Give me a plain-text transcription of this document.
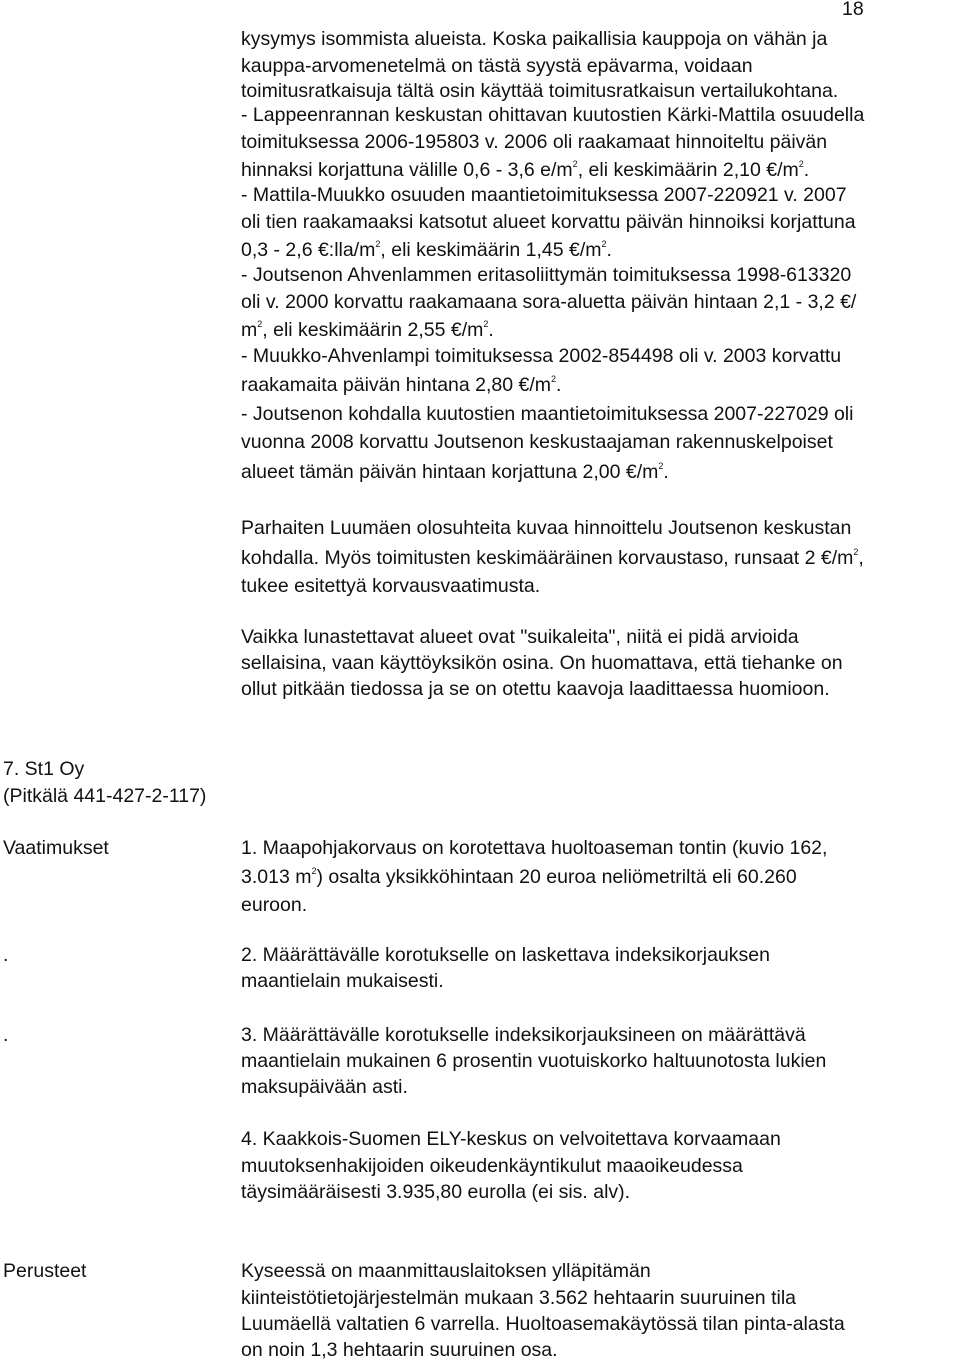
18
kysymys isommista alueista. Koska paikallisia kauppoja on vähän ja
kauppa-arvomenetelmä on tästä syystä epävarma, voidaan
toimitusratkaisuja tältä osin käyttää toimitusratkaisun vertailukohtana.
- Lappeenrannan keskustan ohittavan kuutostien Kärki-Mattila osuudella
toimituksessa 2006-195803 v. 2006 oli raakamaat hinnoiteltu päivän
hinnaksi korjattuna välille 0,6 - 3,6 $e/m^2$, eli keskimäärin 2,10 $€/m^2$.
- Mattila-Muukko osuuden maantietoimituksessa 2007-220921 v. 2007
oli tien raakamaaksi katsotut alueet korvattu päivän hinnoiksi korjattuna
0,3 - 2,6 $€:lla/m^2$, eli keskimäärin 1,45 $€/m^2$.
- Joutsenon Ahvenlammen eritasoliittymän toimituksessa 1998-613320
oli v. 2000 korvattu raakamaana sora-aluetta päivän hintaan 2,1 - 3,2 €/
$m^2$, eli keskimäärin 2,55 $€/m^2$.
- Muukko-Ahvenlampi toimituksessa 2002-854498 oli v. 2003 korvattu
raakamaita päivän hintana 2,80 $€/m^2$.
- Joutsenon kohdalla kuutostien maantietoimituksessa 2007-227029 oli
vuonna 2008 korvattu Joutsenon keskustaajaman rakennuskelpoiset
alueet tämän päivän hintaan korjattuna 2,00 $€/m^2$.
Parhaiten Luumäen olosuhteita kuvaa hinnoittelu Joutsenon keskustan
kohdalla. Myös toimitusten keskimääräinen korvaustaso, runsaat 2 $€/m^2$,
tukee esitettyä korvausvaatimusta.
Vaikka lunastettavat alueet ovat "suikaleita", niitä ei pidä arvioida
sellaisina, vaan käyttöyksikön osina. On huomattava, että tiehanke on
ollut pitkään tiedossa ja se on otettu kaavoja laadittaessa huomioon.
7. St1 Oy
(Pitkälä 441-427-2-117)
Vaatimukset	1. Maapohjakorvaus on korotettava huoltoaseman tontin (kuvio 162,
3.013 $m^2$) osalta yksikköhintaan 20 euroa neliömetriltä eli 60.260
euroon.
.	2. Määrättävälle korotukselle on laskettava indeksikorjauksen
maantielain mukaisesti.
.	3. Määrättävälle korotukselle indeksikorjauksineen on määrättävä
maantielain mukainen 6 prosentin vuotuiskorko haltuunotosta lukien
maksupäivään asti.
4. Kaakkois-Suomen ELY-keskus on velvoitettava korvaamaan
muutoksenhakijoiden oikeudenkäyntikulut maaoikeudessa
täysimääräisesti 3.935,80 eurolla (ei sis. alv).
Perusteet	Kyseessä on maanmittauslaitoksen ylläpitämän
kiinteistötietojärjestelmän mukaan 3.562 hehtaarin suuruinen tila
Luumäellä valtatien 6 varrella. Huoltoasemakäytössä tilan pinta-alasta
on noin 1,3 hehtaarin suuruinen osa.
